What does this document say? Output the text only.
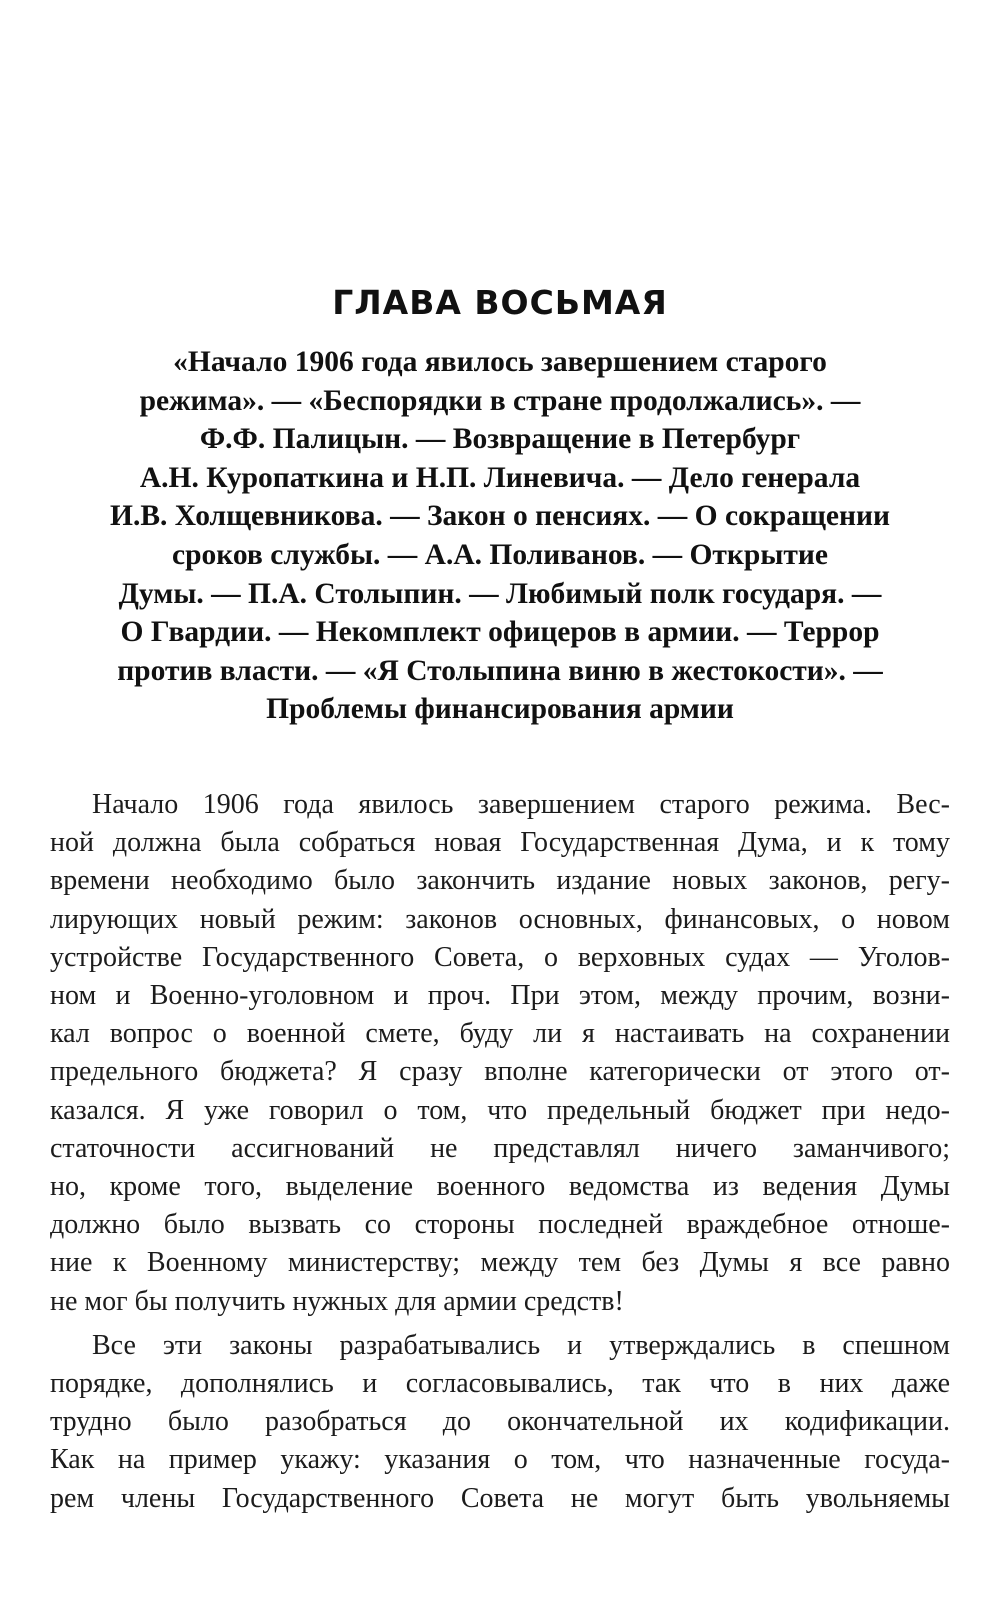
ГЛАВА ВОСЬМАЯ
«Начало 1906 года явилось завершением старого
режима». — «Беспорядки в стране продолжались». —
Ф.Ф. Палицын. — Возвращение в Петербург
А.Н. Куропаткина и Н.П. Линевича. — Дело генерала
И.В. Холщевникова. — Закон о пенсиях. — О сокращении
сроков службы. — А.А. Поливанов. — Открытие
Думы. — П.А. Столыпин. — Любимый полк государя. —
О Гвардии. — Некомплект офицеров в армии. — Террор
против власти. — «Я Столыпина виню в жестокости». —
Проблемы финансирования армии
Начало 1906 года явилось завершением старого режима. Вес-
ной должна была собраться новая Государственная Дума, и к тому
времени необходимо было закончить издание новых законов, регу-
лирующих новый режим: законов основных, финансовых, о новом
устройстве Государственного Совета, о верховных судах — Уголов-
ном и Военно-уголовном и проч. При этом, между прочим, возни-
кал вопрос о военной смете, буду ли я настаивать на сохранении
предельного бюджета? Я сразу вполне категорически от этого от-
казался. Я уже говорил о том, что предельный бюджет при недо-
статочности ассигнований не представлял ничего заманчивого;
но, кроме того, выделение военного ведомства из ведения Думы
должно было вызвать со стороны последней враждебное отноше-
ние к Военному министерству; между тем без Думы я все равно
не мог бы получить нужных для армии средств!
Все эти законы разрабатывались и утверждались в спешном
порядке, дополнялись и согласовывались, так что в них даже
трудно было разобраться до окончательной их кодификации.
Как на пример укажу: указания о том, что назначенные госуда-
рем члены Государственного Совета не могут быть увольняемы
